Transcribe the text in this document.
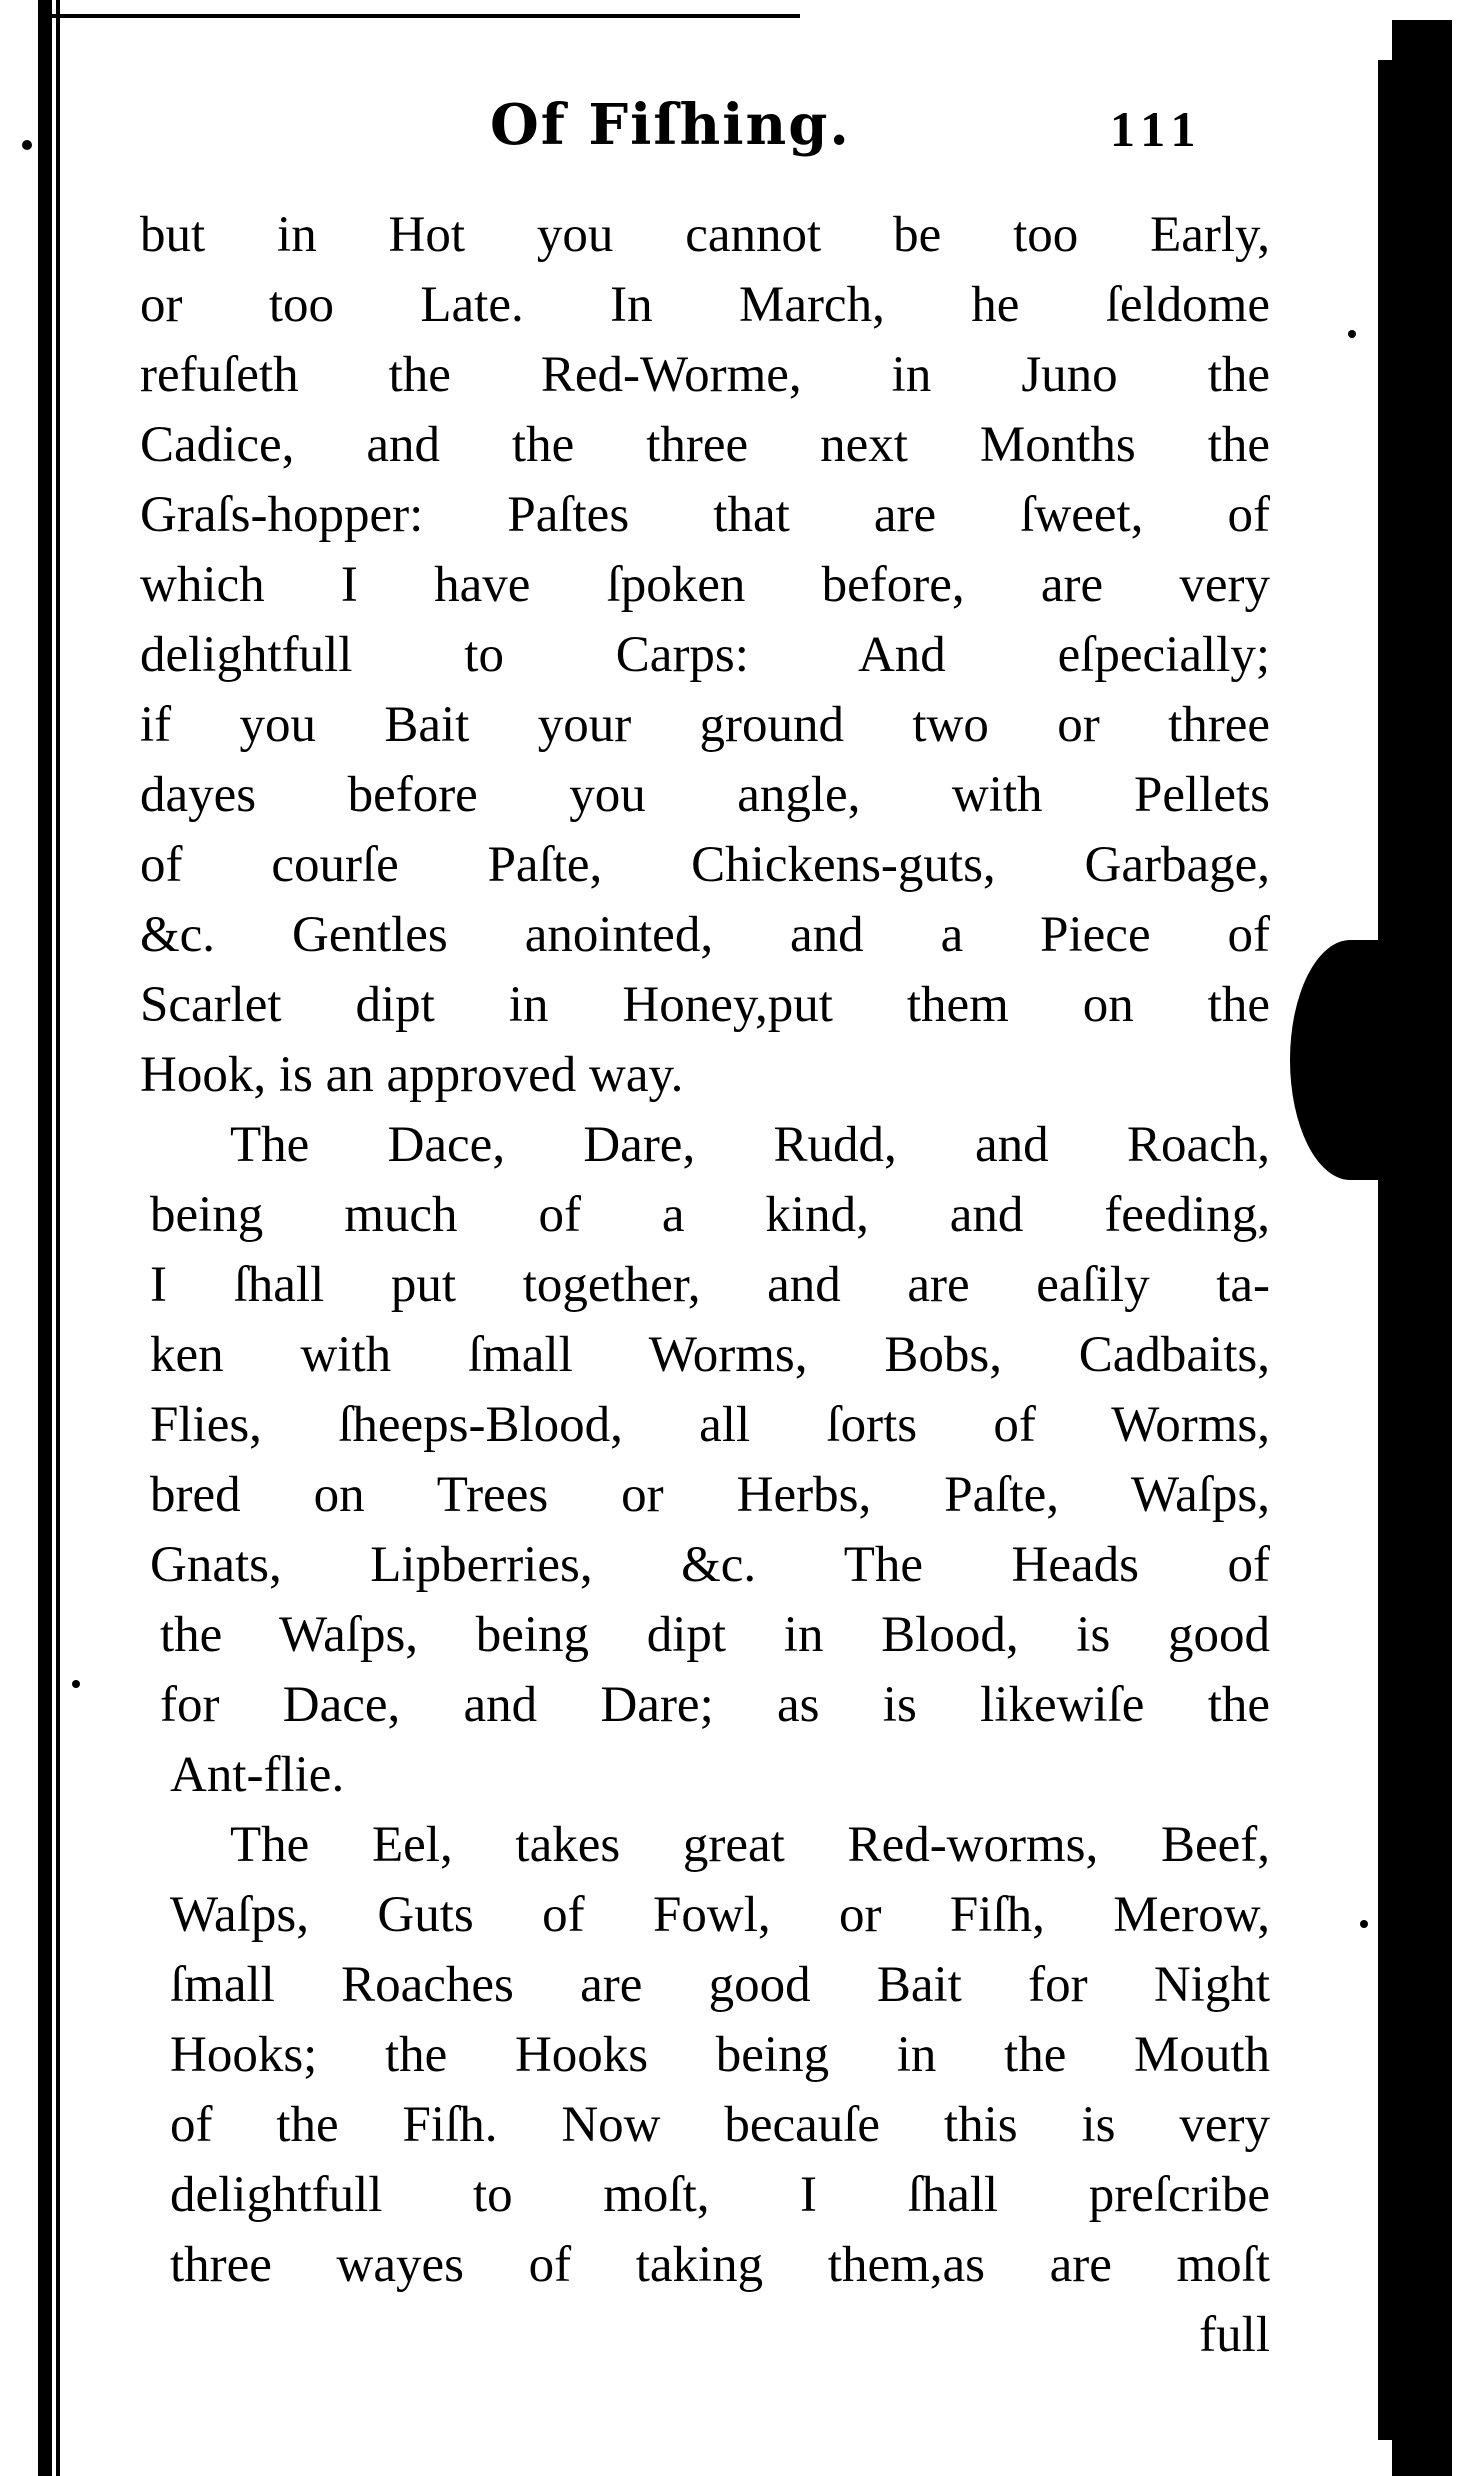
Of Fiſhing.	111
but in Hot you cannot be too Early,
or too Late. In March, he ſeldome
refuſeth the Red-Worme, in Juno the
Cadice, and the three next Months the
Graſs-hopper: Paſtes that are ſweet, of
which I have ſpoken before, are very
delightfull to Carps: And eſpecially;
if you Bait your ground two or three
dayes before you angle, with Pellets
of courſe Paſte, Chickens-guts, Garbage,
&c. Gentles anointed, and a Piece of
Scarlet dipt in Honey,put them on the
Hook, is an approved way.
The Dace, Dare, Rudd, and Roach,
being much of a kind, and feeding,
I ſhall put together, and are eaſily ta-
ken with ſmall Worms, Bobs, Cadbaits,
Flies, ſheeps-Blood, all ſorts of Worms,
bred on Trees or Herbs, Paſte, Waſps,
Gnats, Lipberries, &c. The Heads of
the Waſps, being dipt in Blood, is good
for Dace, and Dare; as is likewiſe the
Ant-flie.
The Eel, takes great Red-worms, Beef,
Waſps, Guts of Fowl, or Fiſh, Merow,
ſmall Roaches are good Bait for Night
Hooks; the Hooks being in the Mouth
of the Fiſh. Now becauſe this is very
delightfull to moſt, I ſhall preſcribe
three wayes of taking them,as are moſt
full
